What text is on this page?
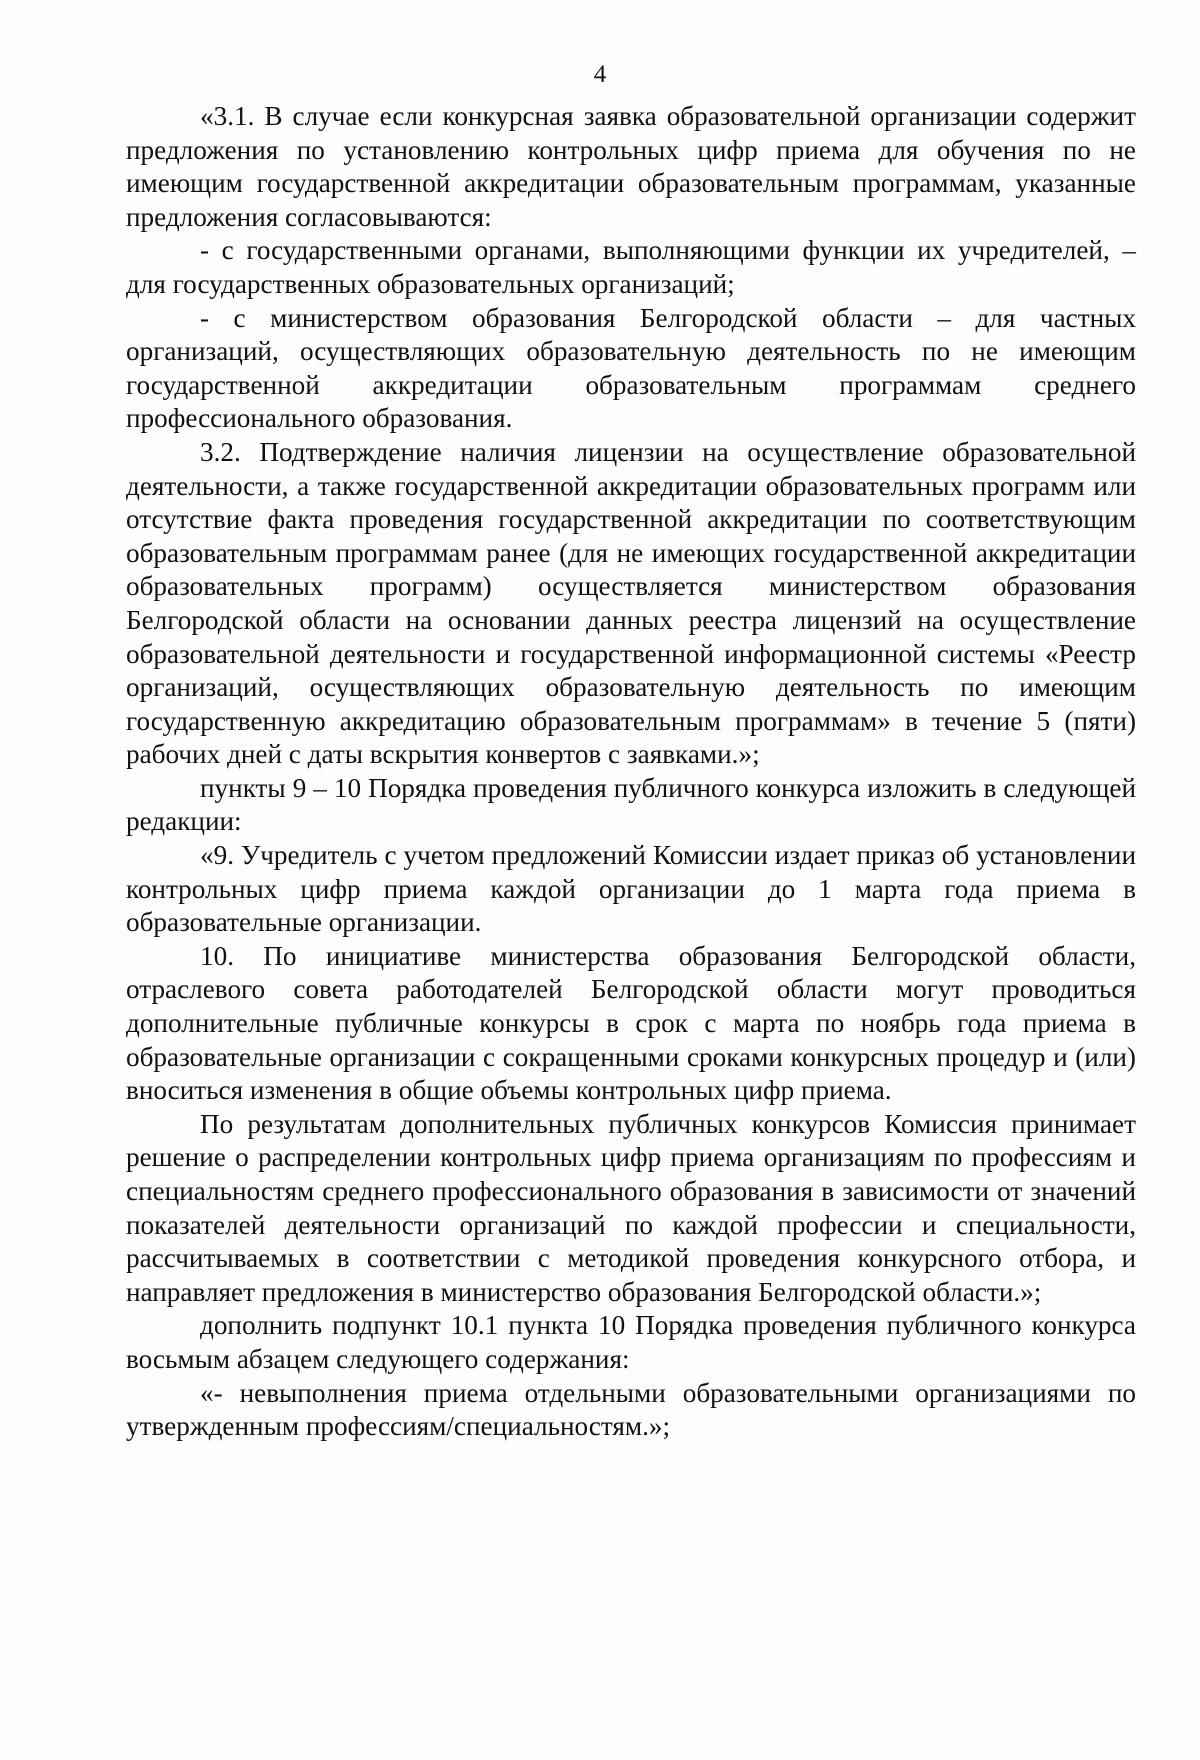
4

«3.1. В случае если конкурсная заявка образовательной организации содержит предложения по установлению контрольных цифр приема для обучения по не имеющим государственной аккредитации образовательным программам, указанные предложения согласовываются:

- с государственными органами, выполняющими функции их учредителей, – для государственных образовательных организаций;

- с министерством образования Белгородской области – для частных организаций, осуществляющих образовательную деятельность по не имеющим государственной аккредитации образовательным программам среднего профессионального образования.

3.2. Подтверждение наличия лицензии на осуществление образовательной деятельности, а также государственной аккредитации образовательных программ или отсутствие факта проведения государственной аккредитации по соответствующим образовательным программам ранее (для не имеющих государственной аккредитации образовательных программ) осуществляется министерством образования Белгородской области на основании данных реестра лицензий на осуществление образовательной деятельности и государственной информационной системы «Реестр организаций, осуществляющих образовательную деятельность по имеющим государственную аккредитацию образовательным программам» в течение 5 (пяти) рабочих дней с даты вскрытия конвертов с заявками.»;

пункты 9 – 10 Порядка проведения публичного конкурса изложить в следующей редакции:

«9. Учредитель с учетом предложений Комиссии издает приказ об установлении контрольных цифр приема каждой организации до 1 марта года приема в образовательные организации.

10. По инициативе министерства образования Белгородской области, отраслевого совета работодателей Белгородской области могут проводиться дополнительные публичные конкурсы в срок с марта по ноябрь года приема в образовательные организации с сокращенными сроками конкурсных процедур и (или) вноситься изменения в общие объемы контрольных цифр приема.

По результатам дополнительных публичных конкурсов Комиссия принимает решение о распределении контрольных цифр приема организациям по профессиям и специальностям среднего профессионального образования в зависимости от значений показателей деятельности организаций по каждой профессии и специальности, рассчитываемых в соответствии с методикой проведения конкурсного отбора, и направляет предложения в министерство образования Белгородской области.»;

дополнить подпункт 10.1 пункта 10 Порядка проведения публичного конкурса восьмым абзацем следующего содержания:

«- невыполнения приема отдельными образовательными организациями по утвержденным профессиям/специальностям.»;
